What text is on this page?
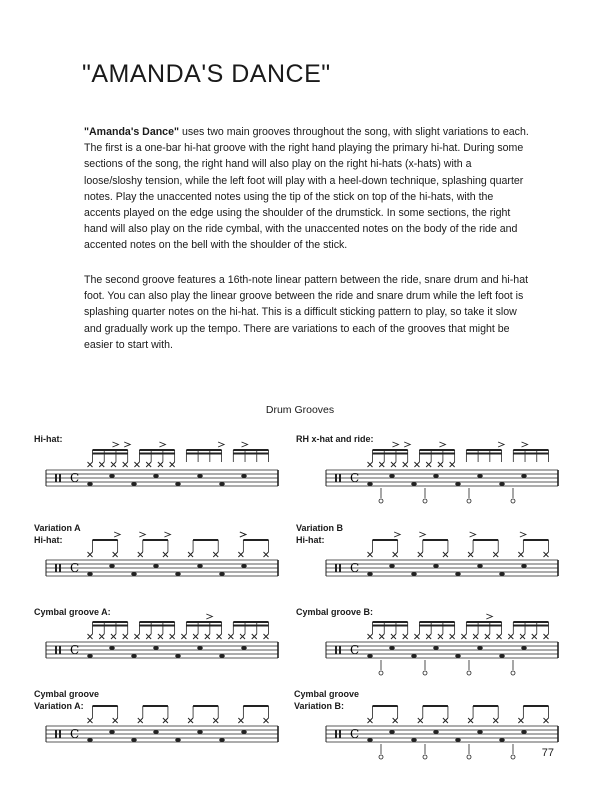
"AMANDA'S DANCE"

"Amanda's Dance" uses two main grooves throughout the song, with slight variations to each. The first is a one-bar hi-hat groove with the right hand playing the primary hi-hat. During some sections of the song, the right hand will also play on the right hi-hats (x-hats) with a loose/sloshy tension, while the left foot will play with a heel-down technique, splashing quarter notes. Play the unaccented notes using the tip of the stick on top of the hi-hats, with the accents played on the edge using the shoulder of the drumstick. In some sections, the right hand will also play on the ride cymbal, with the unaccented notes on the body of the ride and accented notes on the bell with the shoulder of the stick.

The second groove features a 16th-note linear pattern between the ride, snare drum and hi-hat foot. You can also play the linear groove between the ride and snare drum while the left foot is splashing quarter notes on the hi-hat. This is a difficult sticking pattern to play, so take it slow and gradually work up the tempo. There are variations to each of the grooves that might be easier to start with.

Drum Grooves
Hi-hat:	RH x-hat and ride:

Variation A
Hi-hat:
Variation B
Hi-hat:
Cymbal groove A:	Cymbal groove B:

Cymbal groove
Variation A:
Cymbal groove
Variation B:
C	C
C	C
C	C
C	C
77
